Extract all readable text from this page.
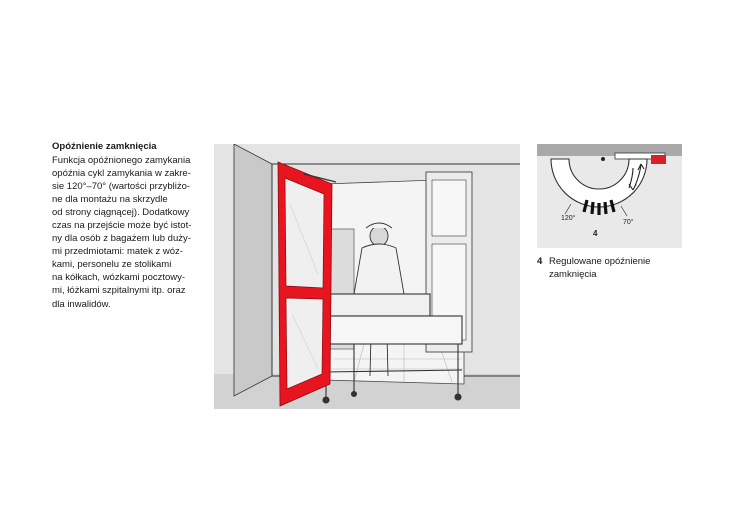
Opóźnienie zamknięcia
Funkcja opóźnionego zamykania
opóźnia cykl zamykania w zakre-
sie 120°–70° (wartości przybliżo-
ne dla montażu na skrzydle
od strony ciągnącej). Dodatkowy
czas na przejście może być istot-
ny dla osób z bagażem lub duży-
mi przedmiotami: matek z wóz-
kami, personelu ze stolikami
na kółkach, wózkami pocztowy-
mi, łóżkami szpitalnymi itp. oraz
dla inwalidów.
120°
70°
4
4 Regulowane opóźnienie
zamknięcia
